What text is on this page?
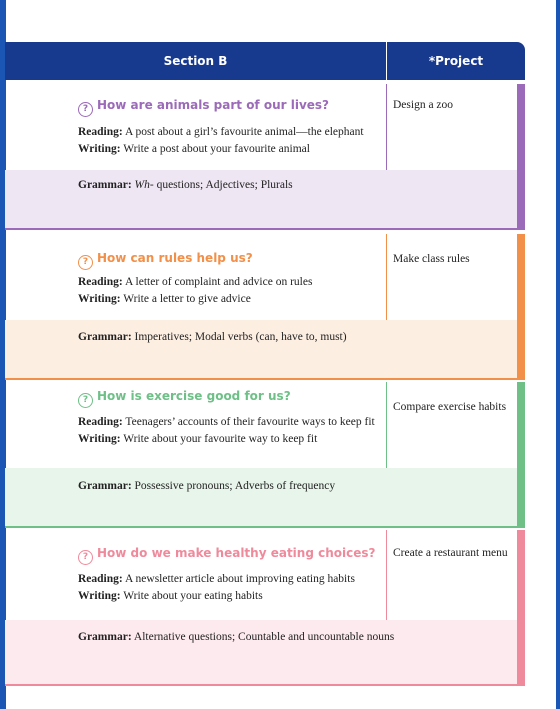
Section B	*Project
? How are animals part of our lives?
Reading: A post about a girl’s favourite animal—the elephant
Writing: Write a post about your favourite animal
Design a zoo
Grammar: Wh- questions; Adjectives; Plurals
? How can rules help us?
Reading: A letter of complaint and advice on rules
Writing: Write a letter to give advice
Make class rules
Grammar: Imperatives; Modal verbs (can, have to, must)
? How is exercise good for us?
Reading: Teenagers’ accounts of their favourite ways to keep fit
Writing: Write about your favourite way to keep fit
Compare exercise habits
Grammar: Possessive pronouns; Adverbs of frequency
? How do we make healthy eating choices?
Reading: A newsletter article about improving eating habits
Writing: Write about your eating habits
Create a restaurant menu
Grammar: Alternative questions; Countable and uncountable nouns
